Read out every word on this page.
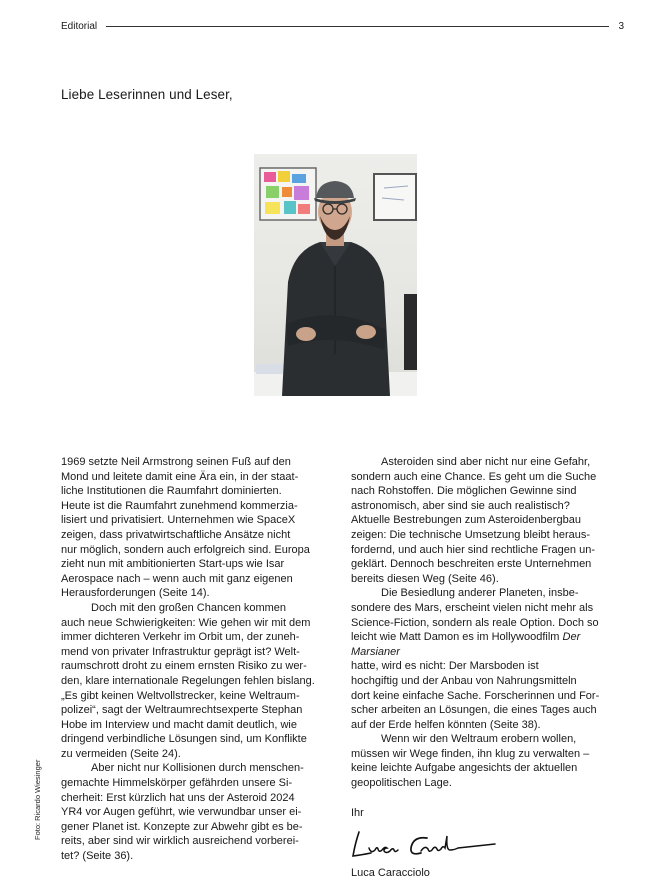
Editorial	3
Liebe Leserinnen und Leser,

1969 setzte Neil Armstrong seinen Fuß auf den
Mond und leitete damit eine Ära ein, in der staat-
liche Institutionen die Raumfahrt dominierten.
Heute ist die Raumfahrt zunehmend kommerzia-
lisiert und privatisiert. Unternehmen wie SpaceX
zeigen, dass privatwirtschaftliche Ansätze nicht
nur möglich, sondern auch erfolgreich sind. Europa
zieht nun mit ambitionierten Start-ups wie Isar
Aerospace nach – wenn auch mit ganz eigenen
Herausforderungen (Seite 14).

Doch mit den großen Chancen kommen
auch neue Schwierigkeiten: Wie gehen wir mit dem
immer dichteren Verkehr im Orbit um, der zuneh-
mend von privater Infrastruktur geprägt ist? Welt-
raumschrott droht zu einem ernsten Risiko zu wer-
den, klare internationale Regelungen fehlen bislang.
„Es gibt keinen Weltvollstrecker, keine Weltraum-
polizei“, sagt der Weltraumrechtsexperte Stephan
Hobe im Interview und macht damit deutlich, wie
dringend verbindliche Lösungen sind, um Konflikte
zu vermeiden (Seite 24).

Aber nicht nur Kollisionen durch menschen-
gemachte Himmelskörper gefährden unsere Si-
cherheit: Erst kürzlich hat uns der Asteroid 2024
YR4 vor Augen geführt, wie verwundbar unser ei-
gener Planet ist. Konzepte zur Abwehr gibt es be-
reits, aber sind wir wirklich ausreichend vorberei-
tet? (Seite 36).

Asteroiden sind aber nicht nur eine Gefahr,
sondern auch eine Chance. Es geht um die Suche
nach Rohstoffen. Die möglichen Gewinne sind
astronomisch, aber sind sie auch realistisch?
Aktuelle Bestrebungen zum Asteroidenbergbau
zeigen: Die technische Umsetzung bleibt heraus-
fordernd, und auch hier sind rechtliche Fragen un-
geklärt. Dennoch beschreiten erste Unternehmen
bereits diesen Weg (Seite 46).

Die Besiedlung anderer Planeten, insbe-
sondere des Mars, erscheint vielen nicht mehr als
Science-Fiction, sondern als reale Option. Doch so
leicht wie Matt Damon es im Hollywoodfilm Der Marsianer
hatte, wird es nicht: Der Marsboden ist
hochgiftig und der Anbau von Nahrungsmitteln
dort keine einfache Sache. Forscherinnen und For-
scher arbeiten an Lösungen, die eines Tages auch
auf der Erde helfen könnten (Seite 38).

Wenn wir den Weltraum erobern wollen,
müssen wir Wege finden, ihn klug zu verwalten –
keine leichte Aufgabe angesichts der aktuellen
geopolitischen Lage.

Ihr

Luca Caracciolo

Foto: Ricardo Wiesinger
